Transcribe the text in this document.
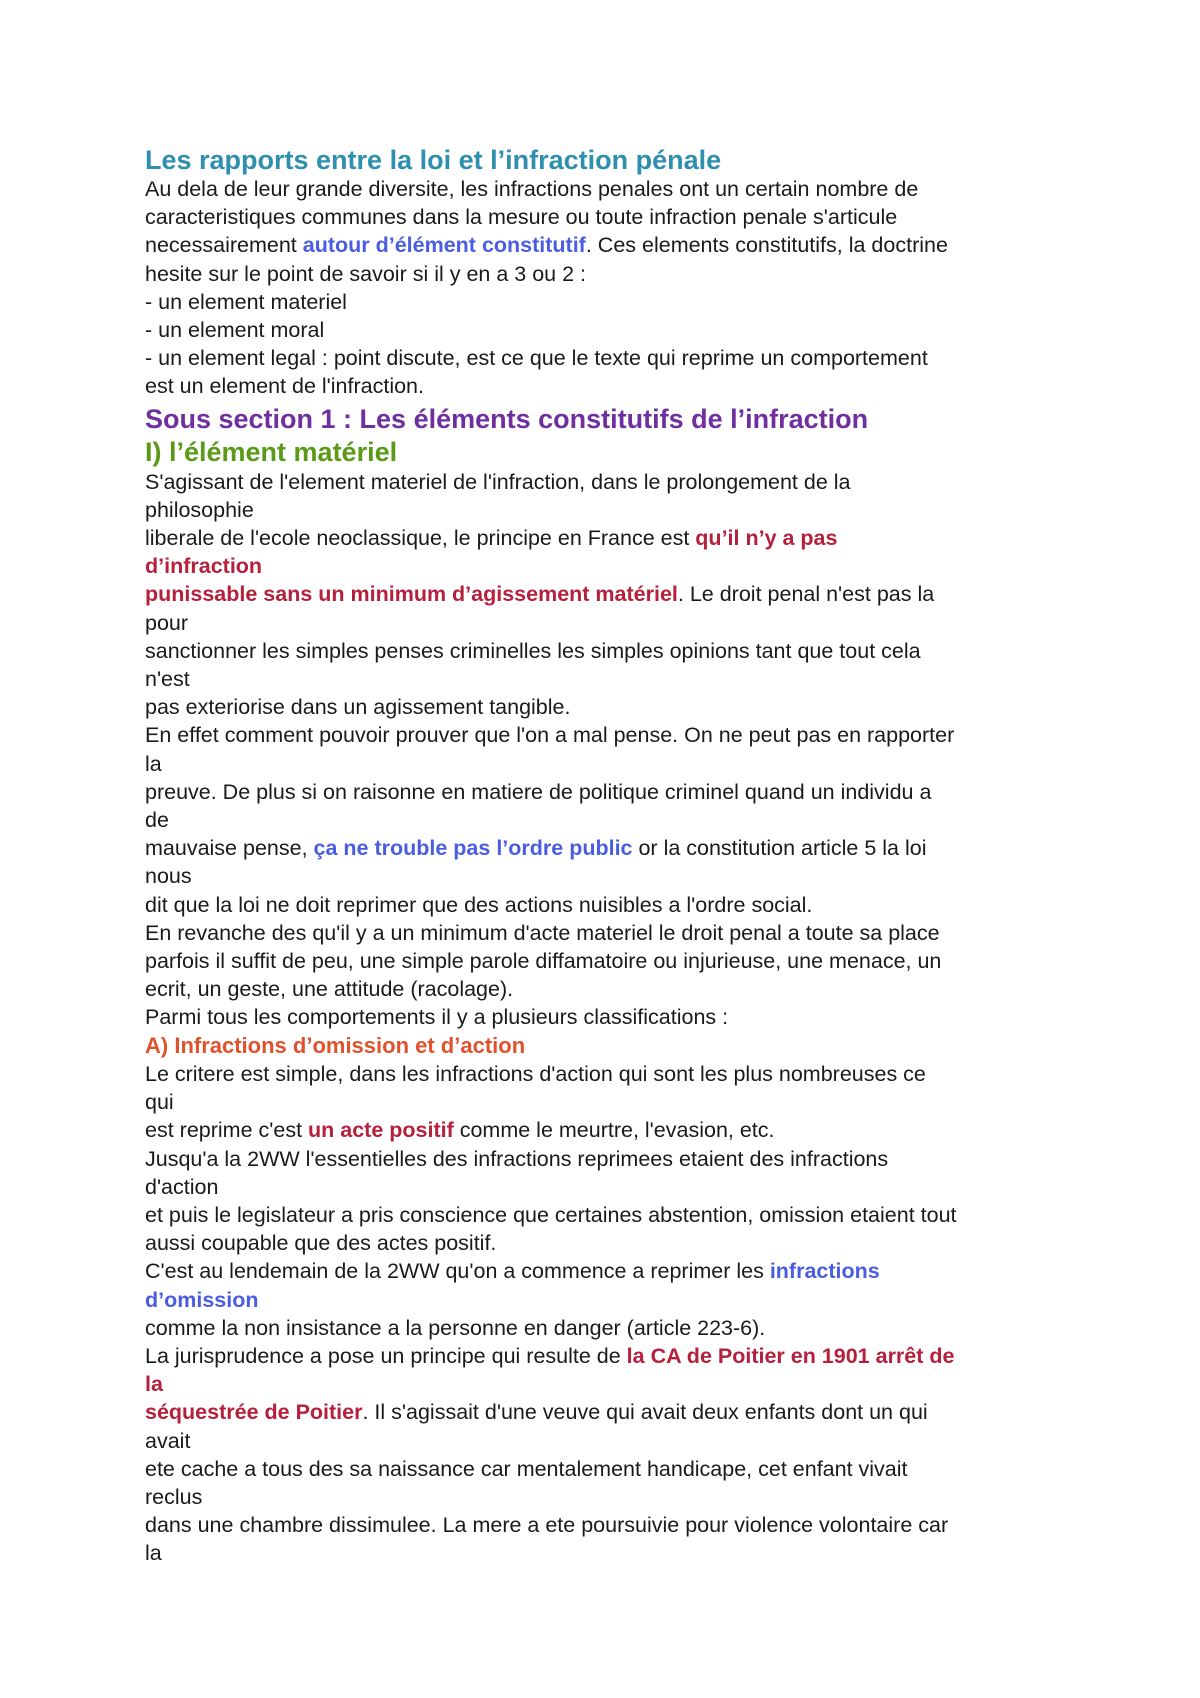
Les rapports entre la loi et l’infraction pénale
Au dela de leur grande diversite, les infractions penales ont un certain nombre de
caracteristiques communes dans la mesure ou toute infraction penale s'articule
necessairement autour d’élément constitutif. Ces elements constitutifs, la doctrine
hesite sur le point de savoir si il y en a 3 ou 2 :
- un element materiel
- un element moral
- un element legal : point discute, est ce que le texte qui reprime un comportement
est un element de l'infraction.
Sous section 1 : Les éléments constitutifs de l’infraction
I) l’élément matériel
S'agissant de l'element materiel de l'infraction, dans le prolongement de la
philosophie
liberale de l'ecole neoclassique, le principe en France est qu’il n’y a pas
d’infraction
punissable sans un minimum d’agissement matériel. Le droit penal n'est pas la
pour
sanctionner les simples penses criminelles les simples opinions tant que tout cela
n'est
pas exteriorise dans un agissement tangible.
En effet comment pouvoir prouver que l'on a mal pense. On ne peut pas en rapporter
la
preuve. De plus si on raisonne en matiere de politique criminel quand un individu a
de
mauvaise pense, ça ne trouble pas l’ordre public or la constitution article 5 la loi
nous
dit que la loi ne doit reprimer que des actions nuisibles a l'ordre social.
En revanche des qu'il y a un minimum d'acte materiel le droit penal a toute sa place
parfois il suffit de peu, une simple parole diffamatoire ou injurieuse, une menace, un
ecrit, un geste, une attitude (racolage).
Parmi tous les comportements il y a plusieurs classifications :
A) Infractions d’omission et d’action
Le critere est simple, dans les infractions d'action qui sont les plus nombreuses ce
qui
est reprime c'est un acte positif comme le meurtre, l'evasion, etc.
Jusqu'a la 2WW l'essentielles des infractions reprimees etaient des infractions
d'action
et puis le legislateur a pris conscience que certaines abstention, omission etaient tout
aussi coupable que des actes positif.
C'est au lendemain de la 2WW qu'on a commence a reprimer les infractions
d’omission
comme la non insistance a la personne en danger (article 223-6).
La jurisprudence a pose un principe qui resulte de la CA de Poitier en 1901 arrêt de
la
séquestrée de Poitier. Il s'agissait d'une veuve qui avait deux enfants dont un qui
avait
ete cache a tous des sa naissance car mentalement handicape, cet enfant vivait
reclus
dans une chambre dissimulee. La mere a ete poursuivie pour violence volontaire car
la
